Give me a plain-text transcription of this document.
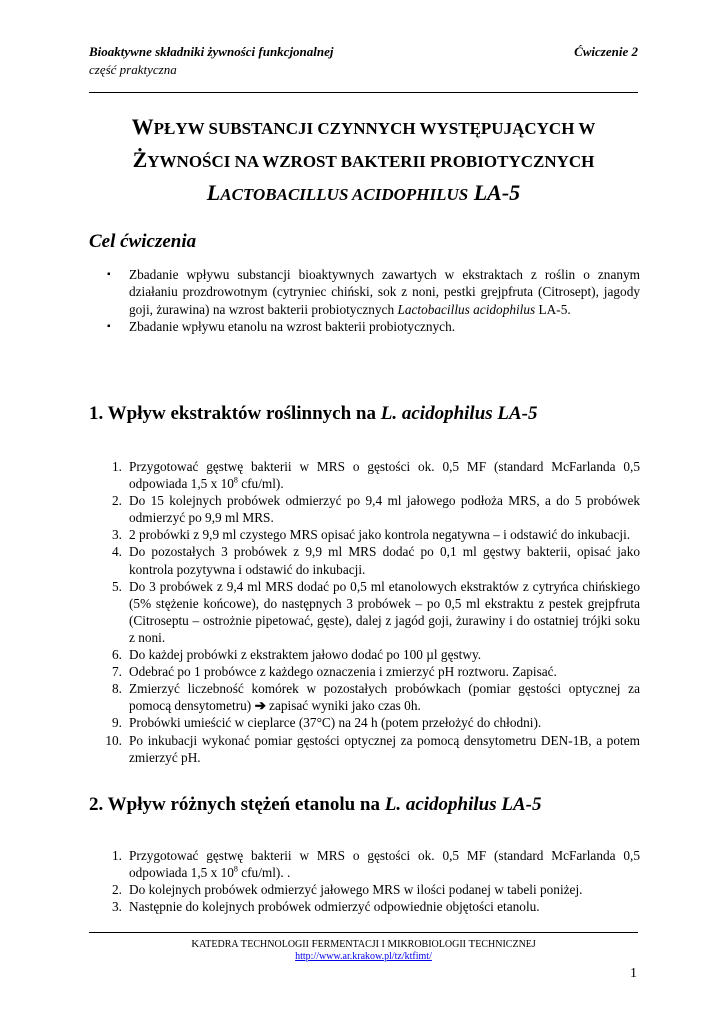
Bioaktywne składniki żywności funkcjonalnej	Ćwiczenie 2
część praktyczna
WPŁYW SUBSTANCJI CZYNNYCH WYSTĘPUJĄCYCH W
ŻYWNOŚCI NA WZROST BAKTERII PROBIOTYCZNYCH
LACTOBACILLUS ACIDOPHILUS LA-5
Cel ćwiczenia
▪ Zbadanie wpływu substancji bioaktywnych zawartych w ekstraktach z roślin o znanym działaniu prozdrowotnym (cytryniec chiński, sok z noni, pestki grejpfruta (Citrosept), jagody goji, żurawina) na wzrost bakterii probiotycznych Lactobacillus acidophilus LA-5.
▪ Zbadanie wpływu etanolu na wzrost bakterii probiotycznych.
1. Wpływ ekstraktów roślinnych na L. acidophilus LA-5
1. Przygotować gęstwę bakterii w MRS o gęstości ok. 0,5 MF (standard McFarlanda 0,5 odpowiada 1,5 x $10^8$ cfu/ml).
2. Do 15 kolejnych probówek odmierzyć po 9,4 ml jałowego podłoża MRS, a do 5 probówek odmierzyć po 9,9 ml MRS.
3. 2 probówki z 9,9 ml czystego MRS opisać jako kontrola negatywna – i odstawić do inkubacji.
4. Do pozostałych 3 probówek z 9,9 ml MRS dodać po 0,1 ml gęstwy bakterii, opisać jako kontrola pozytywna i odstawić do inkubacji.
5. Do 3 probówek z 9,4 ml MRS dodać po 0,5 ml etanolowych ekstraktów z cytryńca chińskiego (5% stężenie końcowe), do następnych 3 probówek – po 0,5 ml ekstraktu z pestek grejpfruta (Citroseptu – ostrożnie pipetować, gęste), dalej z jagód goji, żurawiny i do ostatniej trójki soku z noni.
6. Do każdej probówki z ekstraktem jałowo dodać po 100 µl gęstwy.
7. Odebrać po 1 probówce z każdego oznaczenia i zmierzyć pH roztworu. Zapisać.
8. Zmierzyć liczebność komórek w pozostałych probówkach (pomiar gęstości optycznej za pomocą densytometru) ➔ zapisać wyniki jako czas 0h.
9. Probówki umieścić w cieplarce (37°C) na 24 h (potem przełożyć do chłodni).
10. Po inkubacji wykonać pomiar gęstości optycznej za pomocą densytometru DEN-1B, a potem zmierzyć pH.
2. Wpływ różnych stężeń etanolu na L. acidophilus LA-5
1. Przygotować gęstwę bakterii w MRS o gęstości ok. 0,5 MF (standard McFarlanda 0,5 odpowiada 1,5 x $10^8$ cfu/ml). .
2. Do kolejnych probówek odmierzyć jałowego MRS w ilości podanej w tabeli poniżej.
3. Następnie do kolejnych probówek odmierzyć odpowiednie objętości etanolu.
KATEDRA TECHNOLOGII FERMENTACJI I MIKROBIOLOGII TECHNICZNEJ
http://www.ar.krakow.pl/tz/ktfimt/
1
